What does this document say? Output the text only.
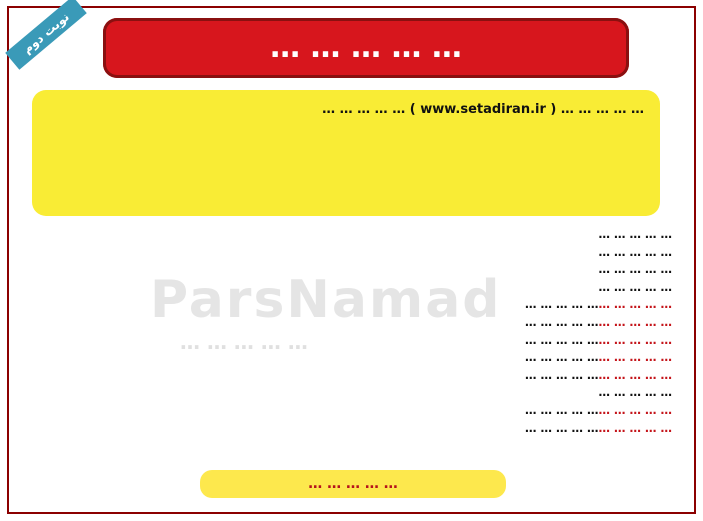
نوبت دوم	… … … … …
… … … … … ( www.setadiran.ir ) … … … … …
ParsNamad
… … … … …
… … … … …
… … … … …
… … … … …
… … … … …
… … … … …… … … … …
… … … … …… … … … …
… … … … …… … … … …
… … … … …… … … … …
… … … … …… … … … …
… … … … …
… … … … …… … … … …
… … … … …… … … … …
… … … … …
